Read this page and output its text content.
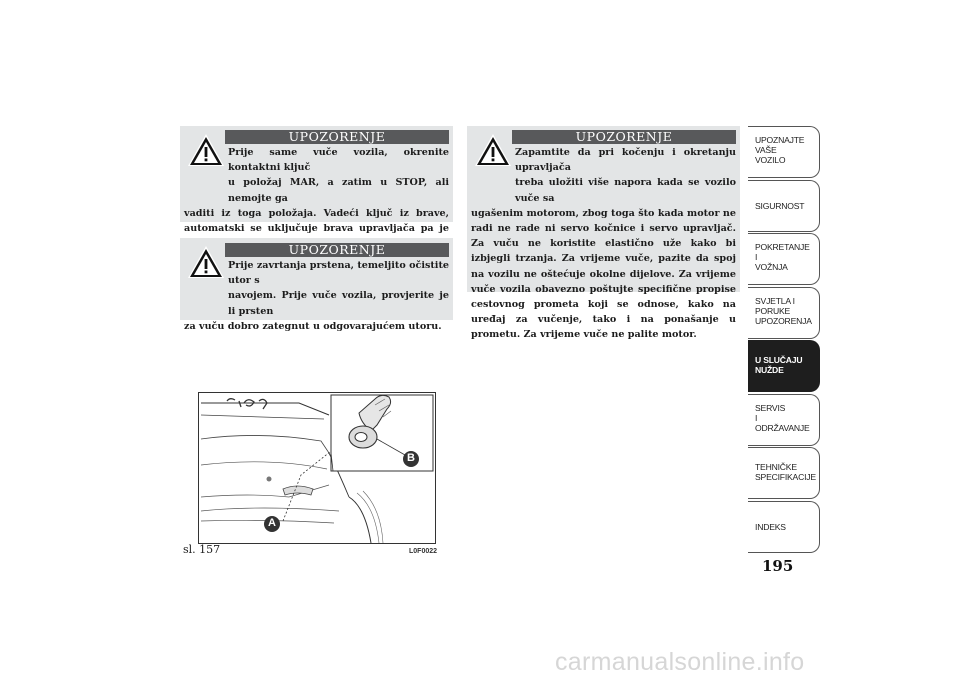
UPOZORENJE
Prije same vuče vozila, okrenite kontaktni ključ
u položaj MAR, a zatim u STOP, ali nemojte ga
vaditi iz toga položaja. Vadeći ključ iz brave, automatski se uključuje brava upravljača pa je
UPOZORENJE
Prije zavrtanja prstena, temeljito očistite utor s
navojem. Prije vuče vozila, provjerite je li prsten
za vuču dobro zategnut u odgovarajućem utoru.
UPOZORENJE
Zapamtite da pri kočenju i okretanju upravljača
treba uložiti više napora kada se vozilo vuče sa
ugašenim motorom, zbog toga što kada motor ne radi ne rade ni servo kočnice i servo upravljač. Za vuču ne koristite elastično uže kako bi izbjegli trzanja. Za vrijeme vuče, pazite da spoj na vozilu ne oštećuje okolne dijelove. Za vrijeme vuče vozila obavezno poštujte specifične propise cestovnog prometa koji se odnose, kako na uređaj za vučenje, tako i na ponašanje u prometu. Za vrijeme vuče ne palite motor.
B
A
sl. 157	L0F0022
UPOZNAJTE
VAŠE
VOZILO
SIGURNOST
POKRETANJE
I
VOŽNJA
SVJETLA I
PORUKE
UPOZORENJA
U SLUČAJU
NUŽDE
SERVIS
I
ODRŽAVANJE
TEHNIČKE
SPECIFIKACIJE
INDEKS
195
carmanualsonline.info
